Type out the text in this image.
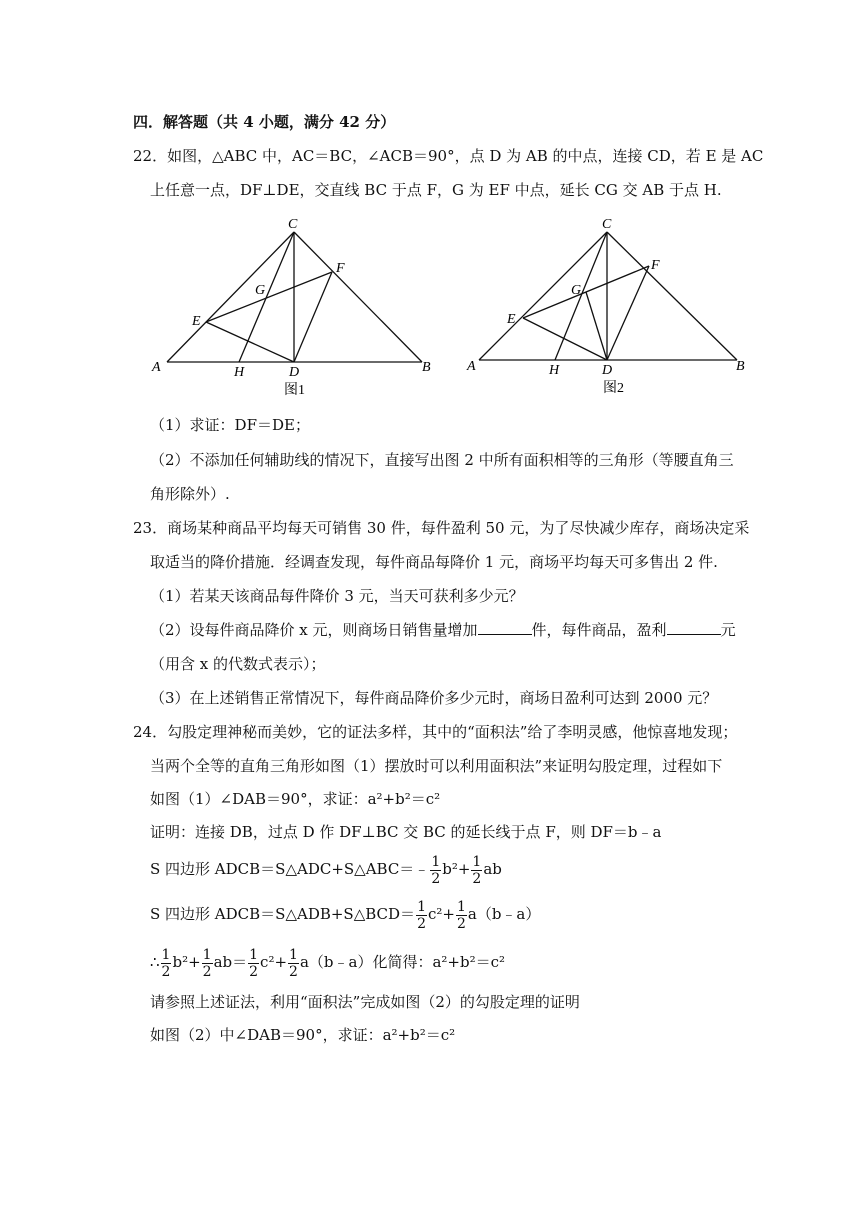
四．解答题（共 4 小题，满分 42 分）
22．如图，△ABC 中，AC＝BC，∠ACB＝90°，点 D 为 AB 的中点，连接 CD，若 E 是 AC
上任意一点，DF⊥DE，交直线 BC 于点 F，G 为 EF 中点，延长 CG 交 AB 于点 H.
C
F
G
E
A	H	D	B
图1
C
F
G
E
A	H	D	B
图2
（1）求证：DF＝DE；
（2）不添加任何辅助线的情况下，直接写出图 2 中所有面积相等的三角形（等腰直角三
角形除外）.
23．商场某种商品平均每天可销售 30 件，每件盈利 50 元，为了尽快减少库存，商场决定采
取适当的降价措施．经调查发现，每件商品每降价 1 元，商场平均每天可多售出 2 件.
（1）若某天该商品每件降价 3 元，当天可获利多少元？
（2）设每件商品降价 x 元，则商场日销售量增加	件，每件商品，盈利	元
（用含 x 的代数式表示）；
（3）在上述销售正常情况下，每件商品降价多少元时，商场日盈利可达到 2000 元？
24．勾股定理神秘而美妙，它的证法多样，其中的“面积法”给了李明灵感，他惊喜地发现；
当两个全等的直角三角形如图（1）摆放时可以利用面积法”来证明勾股定理，过程如下
如图（1）∠DAB＝90°，求证：a²+b²＝c²
证明：连接 DB，过点 D 作 DF⊥BC 交 BC 的延长线于点 F，则 DF＝b﹣a
S 四边形 ADCB＝S△ADC+S△ABC＝﹣ $\frac{1}{2} b^2+ \frac{1}{2}$ ab
S 四边形 ADCB＝S△ADB+S△BCD＝ $\frac{1}{2} c^2+ \frac{1}{2}$ a（b﹣a）
∴ $\frac{1}{2} b^2+ \frac{1}{2} ab= \frac{1}{2} c^2+ \frac{1}{2}$ a（b﹣a）化简得：a²+b²＝c²
请参照上述证法，利用“面积法”完成如图（2）的勾股定理的证明
如图（2）中∠DAB＝90°，求证：a²+b²＝c²
